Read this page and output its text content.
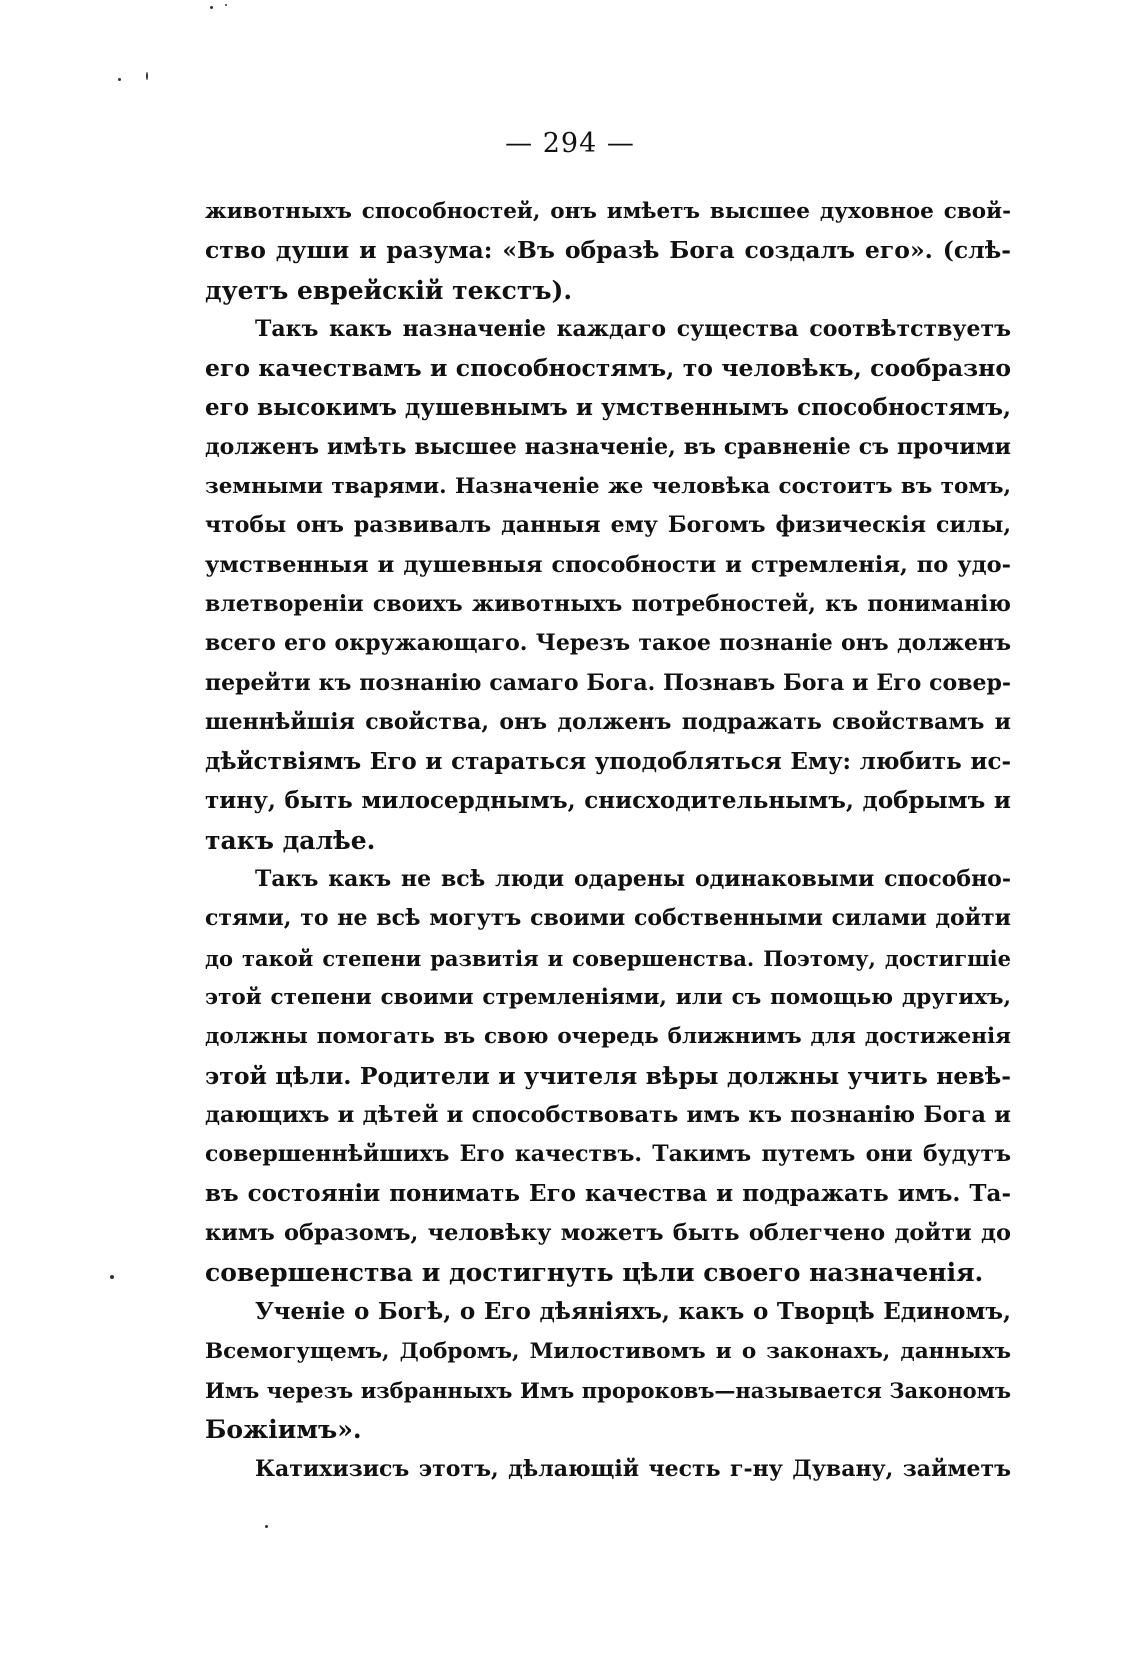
— 294 —
животныхъ способностей, онъ имѣетъ высшее духовное свой-
ство души и разума: «Въ образѣ Бога создалъ его». (слѣ-
дуетъ еврейскій текстъ).
Такъ какъ назначеніе каждаго существа соотвѣтствуетъ
его качествамъ и способностямъ, то человѣкъ, сообразно
его высокимъ душевнымъ и умственнымъ способностямъ,
долженъ имѣть высшее назначеніе, въ сравненіе съ прочими
земными тварями. Назначеніе же человѣка состоитъ въ томъ,
чтобы онъ развивалъ данныя ему Богомъ физическія силы,
умственныя и душевныя способности и стремленія, по удо-
влетвореніи своихъ животныхъ потребностей, къ пониманію
всего его окружающаго. Черезъ такое познаніе онъ долженъ
перейти къ познанію самаго Бога. Познавъ Бога и Его совер-
шеннѣйшія свойства, онъ долженъ подражать свойствамъ и
дѣйствіямъ Его и стараться уподобляться Ему: любить ис-
тину, быть милосерднымъ, снисходительнымъ, добрымъ и
такъ далѣе.
Такъ какъ не всѣ люди одарены одинаковыми способно-
стями, то не всѣ могутъ своими собственными силами дойти
до такой степени развитія и совершенства. Поэтому, достигшіе
этой степени своими стремленіями, или съ помощью другихъ,
должны помогать въ свою очередь ближнимъ для достиженія
этой цѣли. Родители и учителя вѣры должны учить невѣ-
дающихъ и дѣтей и способствовать имъ къ познанію Бога и
совершеннѣйшихъ Его качествъ. Такимъ путемъ они будутъ
въ состояніи понимать Его качества и подражать имъ. Та-
кимъ образомъ, человѣку можетъ быть облегчено дойти до
совершенства и достигнуть цѣли своего назначенія.
Ученіе о Богѣ, о Его дѣяніяхъ, какъ о Творцѣ Единомъ,
Всемогущемъ, Добромъ, Милостивомъ и о законахъ, данныхъ
Имъ черезъ избранныхъ Имъ пророковъ—называется Закономъ
Божіимъ».
Катихизисъ этотъ, дѣлающій честь г-ну Дувану, займетъ
